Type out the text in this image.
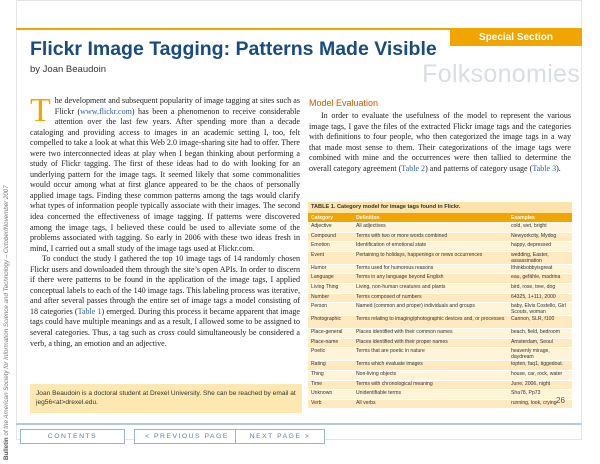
Bulletin of the American Society for Information Science and Technology – October/November 2007
Special Section
Flickr Image Tagging: Patterns Made Visible
by Joan Beaudoin	Folksonomies

The development and subsequent popularity of image tagging at sites such as Flickr (www.flickr.com) has been a phenomenon to receive considerable attention over the last few years. After spending more than a decade cataloging and providing access to images in an academic setting I, too, felt compelled to take a look at what this Web 2.0 image-sharing site had to offer. There were two interconnected ideas at play when I began thinking about performing a study of Flickr tagging. The first of these ideas had to do with looking for an underlying pattern for the image tags. It seemed likely that some commonalities would occur among what at first glance appeared to be the chaos of personally applied image tags. Finding these common patterns among the tags would clarify what types of information people typically associate with their images. The second idea concerned the effectiveness of image tagging. If patterns were discovered among the image tags, I believed these could be used to alleviate some of the problems associated with tagging. So early in 2006 with these two ideas fresh in mind, I carried out a small study of the image tags used at Flickr.com.

To conduct the study I gathered the top 10 image tags of 14 randomly chosen Flickr users and downloaded them through the site’s open APIs. In order to discern if there were patterns to be found in the application of the image tags, I applied conceptual labels to each of the 140 image tags. This labeling process was iterative, and after several passes through the entire set of image tags a model consisting of 18 categories (Table 1) emerged. During this process it became apparent that image tags could have multiple meanings and as a result, I allowed some to be assigned to several categories. Thus, a tag such as cross could simultaneously be considered a verb, a thing, an emotion and an adjective.

Model Evaluation

In order to evaluate the usefulness of the model to represent the various image tags, I gave the files of the extracted Flickr image tags and the categories with definitions to four people, who then categorized the image tags in a way that made most sense to them. Their categorizations of the image tags were combined with mine and the occurrences were then tallied to determine the overall category agreement (Table 2) and patterns of category usage (Table 3).

TABLE 1. Category model for image tags found in Flickr.
Category	Definition	Examples
Adjective	All adjectives	cold, wet, bright
Compound	Terms with two or more words combined	Newyorkcity, Mydog
Emotion	Identification of emotional state	happy, depressed
Event	Pertaining to holidays, happenings or news occurrences	wedding, Easter, assassination
Humor	Terms used for humorous reasons	Ithinkbobbyisgreat
Language	Terms in any language beyond English	eau, gefähle, madrina
Living Thing	Living, non-human creatures and plants	bird, rose, tree, dog
Number	Terms composed of numbers	64325, 1+111, 2000
Person	Named (common and proper) individuals and groups	baby, Elvis Costello, Girl Scouts, woman
Photographic	Terms relating to imaging/photographic devices and, or processes	Cannon, SLR, f100
Place-general	Places identified with their common names	beach, field, bedroom
Place-name	Places identified with their proper names	Amsterdam, Seoul
Poetic	Terms that are poetic in nature	heavenly mirage, daydream
Rating	Terms which evaluate images	topten, faq1, tiggedout.
Thing	Non-living objects	house, car, rock, water
Time	Terms with chronological meaning	June, 2006, night
Unknown	Unidentifiable terms	Sha78, Pp73
Verb	All verbs	running, look, crying
Joan Beaudoin is a doctoral student at Drexel University. She can be reached by email at jeg56<at>drexel.edu.	26
CONTENTS	< PREVIOUS PAGE	NEXT PAGE >
